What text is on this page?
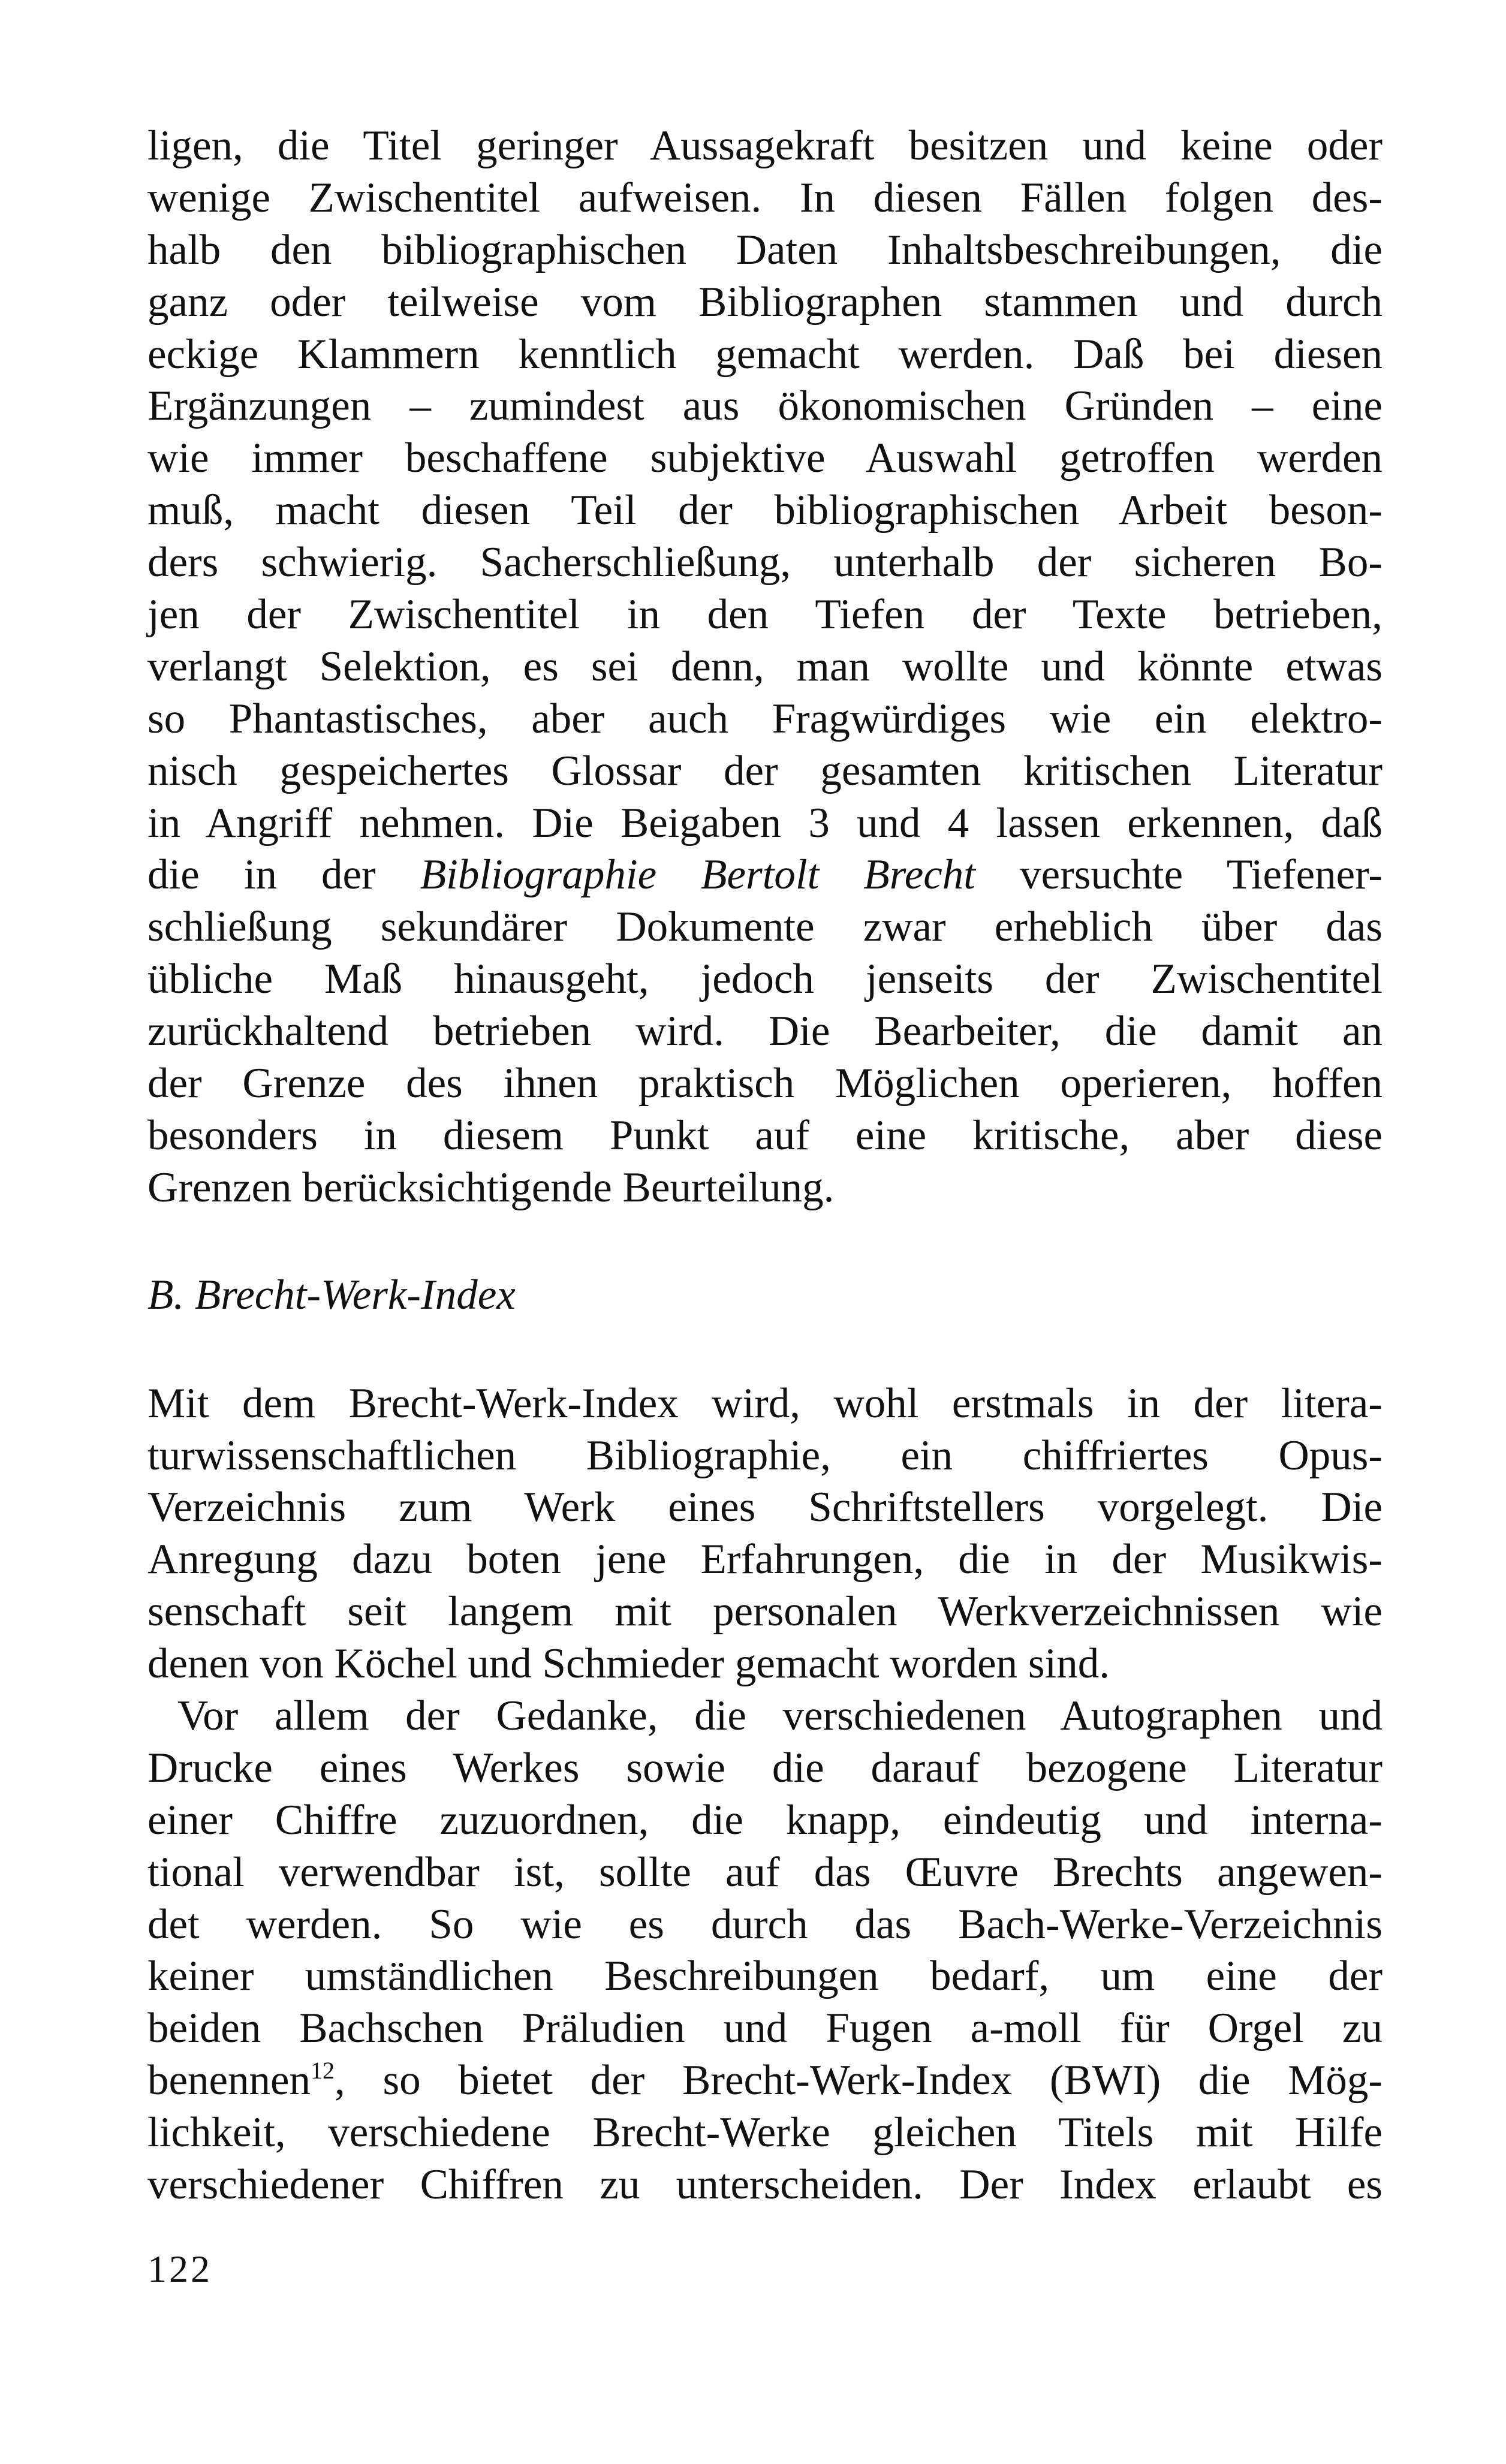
ligen, die Titel geringer Aussagekraft besitzen und keine oder
wenige Zwischentitel aufweisen. In diesen Fällen folgen des-
halb den bibliographischen Daten Inhaltsbeschreibungen, die
ganz oder teilweise vom Bibliographen stammen und durch
eckige Klammern kenntlich gemacht werden. Daß bei diesen
Ergänzungen – zumindest aus ökonomischen Gründen – eine
wie immer beschaffene subjektive Auswahl getroffen werden
muß, macht diesen Teil der bibliographischen Arbeit beson-
ders schwierig. Sacherschließung, unterhalb der sicheren Bo-
jen der Zwischentitel in den Tiefen der Texte betrieben,
verlangt Selektion, es sei denn, man wollte und könnte etwas
so Phantastisches, aber auch Fragwürdiges wie ein elektro-
nisch gespeichertes Glossar der gesamten kritischen Literatur
in Angriff nehmen. Die Beigaben 3 und 4 lassen erkennen, daß
die in der Bibliographie Bertolt Brecht versuchte Tiefener-
schließung sekundärer Dokumente zwar erheblich über das
übliche Maß hinausgeht, jedoch jenseits der Zwischentitel
zurückhaltend betrieben wird. Die Bearbeiter, die damit an
der Grenze des ihnen praktisch Möglichen operieren, hoffen
besonders in diesem Punkt auf eine kritische, aber diese
Grenzen berücksichtigende Beurteilung.
B. Brecht-Werk-Index
Mit dem Brecht-Werk-Index wird, wohl erstmals in der litera-
turwissenschaftlichen Bibliographie, ein chiffriertes Opus-
Verzeichnis zum Werk eines Schriftstellers vorgelegt. Die
Anregung dazu boten jene Erfahrungen, die in der Musikwis-
senschaft seit langem mit personalen Werkverzeichnissen wie
denen von Köchel und Schmieder gemacht worden sind.
Vor allem der Gedanke, die verschiedenen Autographen und
Drucke eines Werkes sowie die darauf bezogene Literatur
einer Chiffre zuzuordnen, die knapp, eindeutig und interna-
tional verwendbar ist, sollte auf das Œuvre Brechts angewen-
det werden. So wie es durch das Bach-Werke-Verzeichnis
keiner umständlichen Beschreibungen bedarf, um eine der
beiden Bachschen Präludien und Fugen a-moll für Orgel zu
benennen$^{12}$, so bietet der Brecht-Werk-Index (BWI) die Mög-
lichkeit, verschiedene Brecht-Werke gleichen Titels mit Hilfe
verschiedener Chiffren zu unterscheiden. Der Index erlaubt es
122
